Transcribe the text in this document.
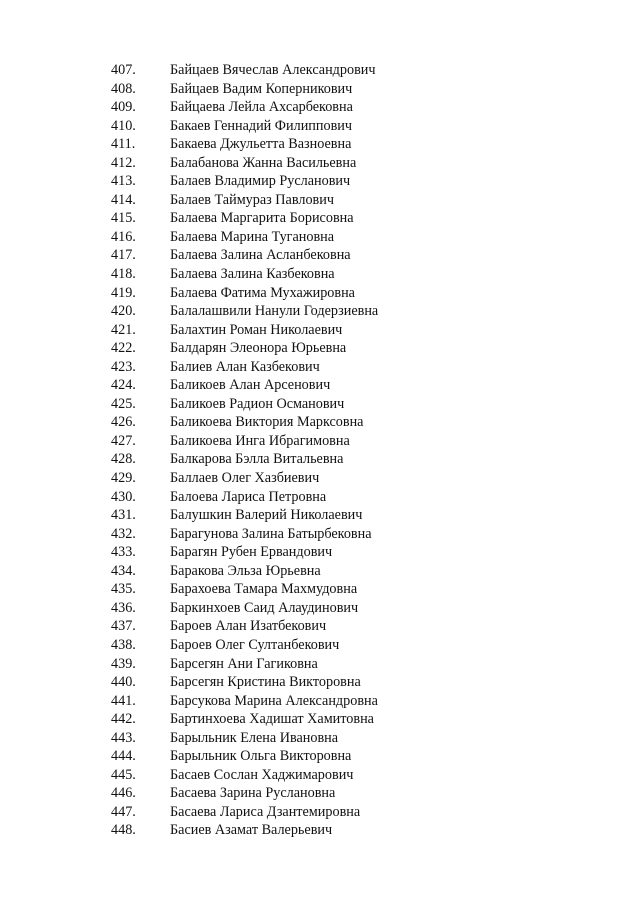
407. Байцаев Вячеслав Александрович
408. Байцаев Вадим Коперникович
409. Байцаева Лейла Ахсарбековна
410. Бакаев Геннадий Филиппович
411. Бакаева Джульетта Вазноевна
412. Балабанова Жанна Васильевна
413. Балаев Владимир Русланович
414. Балаев Таймураз Павлович
415. Балаева Маргарита Борисовна
416. Балаева Марина Тугановна
417. Балаева Залина Асланбековна
418. Балаева Залина Казбековна
419. Балаева Фатима Мухажировна
420. Балалашвили Нанули Годерзиевна
421. Балахтин Роман Николаевич
422. Балдарян Элеонора Юрьевна
423. Балиев Алан Казбекович
424. Баликоев Алан Арсенович
425. Баликоев Радион Османович
426. Баликоева Виктория Марксовна
427. Баликоева Инга Ибрагимовна
428. Балкарова Бэлла Витальевна
429. Баллаев Олег Хазбиевич
430. Балоева Лариса Петровна
431. Балушкин Валерий Николаевич
432. Барагунова Залина Батырбековна
433. Барагян Рубен Ервандович
434. Баракова Эльза Юрьевна
435. Барахоева Тамара Махмудовна
436. Баркинхоев Саид Алаудинович
437. Бароев Алан Изатбекович
438. Бароев Олег Султанбекович
439. Барсегян Ани Гагиковна
440. Барсегян Кристина Викторовна
441. Барсукова Марина Александровна
442. Бартинхоева Хадишат Хамитовна
443. Барыльник Елена Ивановна
444. Барыльник Ольга Викторовна
445. Басаев Сослан Хаджимарович
446. Басаева Зарина Руслановна
447. Басаева Лариса Дзантемировна
448. Басиев Азамат Валерьевич
